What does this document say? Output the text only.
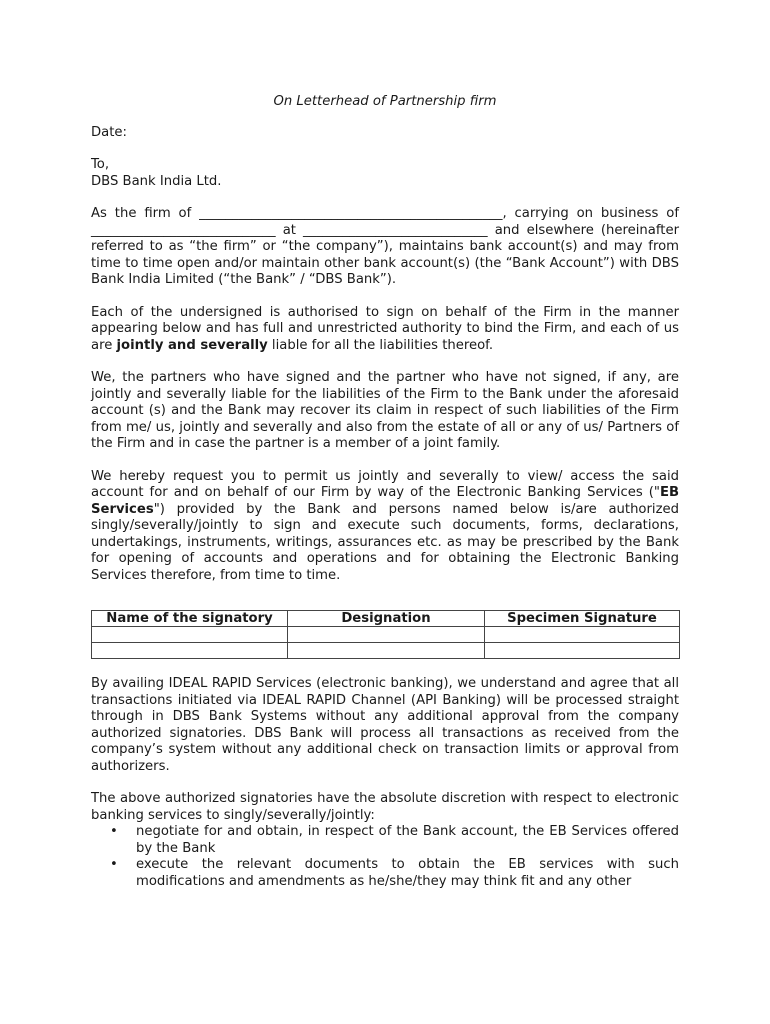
On Letterhead of Partnership firm

Date:

To,

DBS Bank India Ltd.

As the firm of ______________________________________________, carrying on business of ____________________________ at ____________________________ and elsewhere (hereinafter referred to as “the firm” or “the company”), maintains bank account(s) and may from time to time open and/or maintain other bank account(s) (the “Bank Account”) with DBS Bank India Limited (“the Bank” / “DBS Bank”).

Each of the undersigned is authorised to sign on behalf of the Firm in the manner appearing below and has full and unrestricted authority to bind the Firm, and each of us are jointly and severally liable for all the liabilities thereof.

We, the partners who have signed and the partner who have not signed, if any, are jointly and severally liable for the liabilities of the Firm to the Bank under the aforesaid account (s) and the Bank may recover its claim in respect of such liabilities of the Firm from me/ us, jointly and severally and also from the estate of all or any of us/ Partners of the Firm and in case the partner is a member of a joint family.

We hereby request you to permit us jointly and severally to view/ access the said account for and on behalf of our Firm by way of the Electronic Banking Services ("EB Services") provided by the Bank and persons named below is/are authorized singly/severally/jointly to sign and execute such documents, forms, declarations, undertakings, instruments, writings, assurances etc. as may be prescribed by the Bank for opening of accounts and operations and for obtaining the Electronic Banking Services therefore, from time to time.

Name of the signatory	Designation	Specimen Signature

By availing IDEAL RAPID Services (electronic banking), we understand and agree that all transactions initiated via IDEAL RAPID Channel (API Banking) will be processed straight through in DBS Bank Systems without any additional approval from the company authorized signatories. DBS Bank will process all transactions as received from the company’s system without any additional check on transaction limits or approval from authorizers.

The above authorized signatories have the absolute discretion with respect to electronic banking services to singly/severally/jointly:

• negotiate for and obtain, in respect of the Bank account, the EB Services offered by the Bank
• execute the relevant documents to obtain the EB services with such modifications and amendments as he/she/they may think fit and any other
